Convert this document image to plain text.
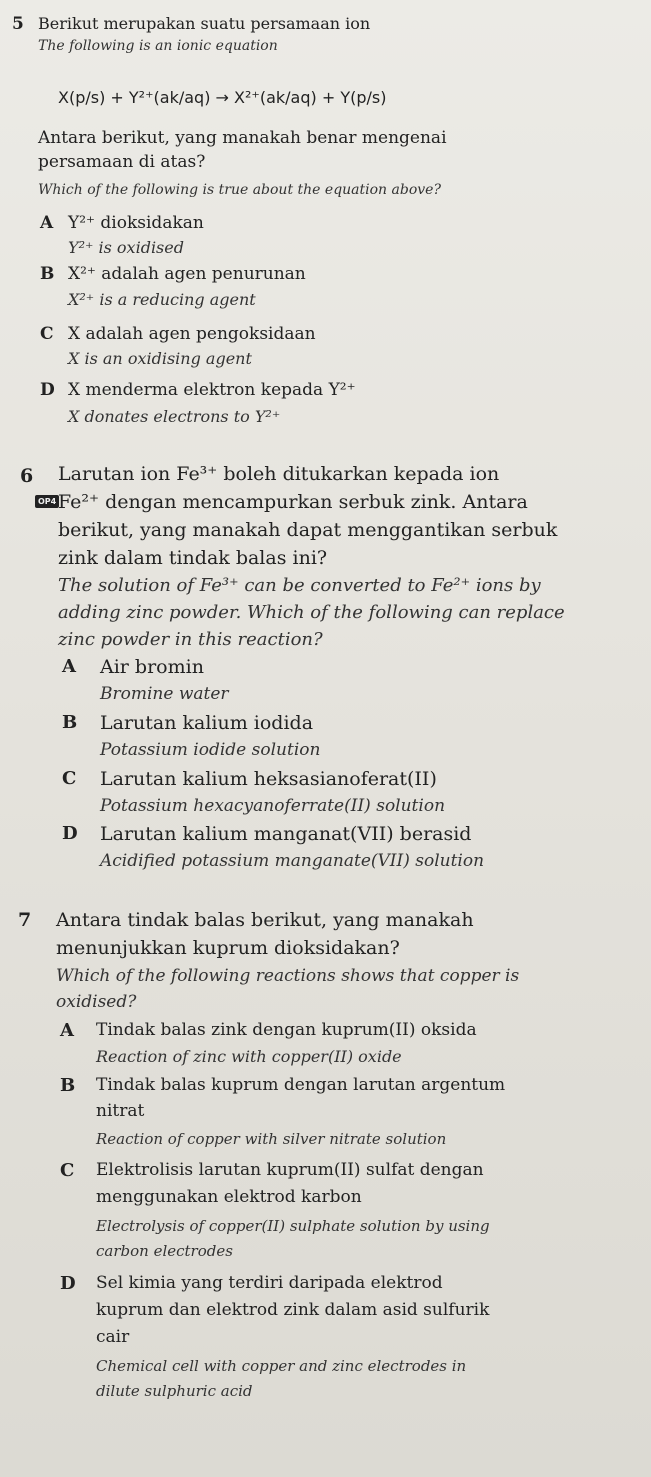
5 Berikut merupakan suatu persamaan ion
The following is an ionic equation
X(p/s) + Y²⁺(ak/aq) → X²⁺(ak/aq) + Y(p/s)
Antara berikut, yang manakah benar mengenai
persamaan di atas?
Which of the following is true about the equation above?
A Y²⁺ dioksidakan
Y²⁺ is oxidised
B X²⁺ adalah agen penurunan
X²⁺ is a reducing agent
C X adalah agen pengoksidaan
X is an oxidising agent
D X menderma elektron kepada Y²⁺
X donates electrons to Y²⁺
6
OP4
Larutan ion Fe³⁺ boleh ditukarkan kepada ion
Fe²⁺ dengan mencampurkan serbuk zink. Antara
berikut, yang manakah dapat menggantikan serbuk
zink dalam tindak balas ini?
The solution of Fe³⁺ can be converted to Fe²⁺ ions by
adding zinc powder. Which of the following can replace
zinc powder in this reaction?
A Air bromin
Bromine water
B Larutan kalium iodida
Potassium iodide solution
C Larutan kalium heksasianoferat(II)
Potassium hexacyanoferrate(II) solution
D Larutan kalium manganat(VII) berasid
Acidified potassium manganate(VII) solution
7 Antara tindak balas berikut, yang manakah
menunjukkan kuprum dioksidakan?
Which of the following reactions shows that copper is
oxidised?
A Tindak balas zink dengan kuprum(II) oksida
Reaction of zinc with copper(II) oxide
B Tindak balas kuprum dengan larutan argentum
nitrat
Reaction of copper with silver nitrate solution
C Elektrolisis larutan kuprum(II) sulfat dengan
menggunakan elektrod karbon
Electrolysis of copper(II) sulphate solution by using
carbon electrodes
D Sel kimia yang terdiri daripada elektrod
kuprum dan elektrod zink dalam asid sulfurik
cair
Chemical cell with copper and zinc electrodes in
dilute sulphuric acid
